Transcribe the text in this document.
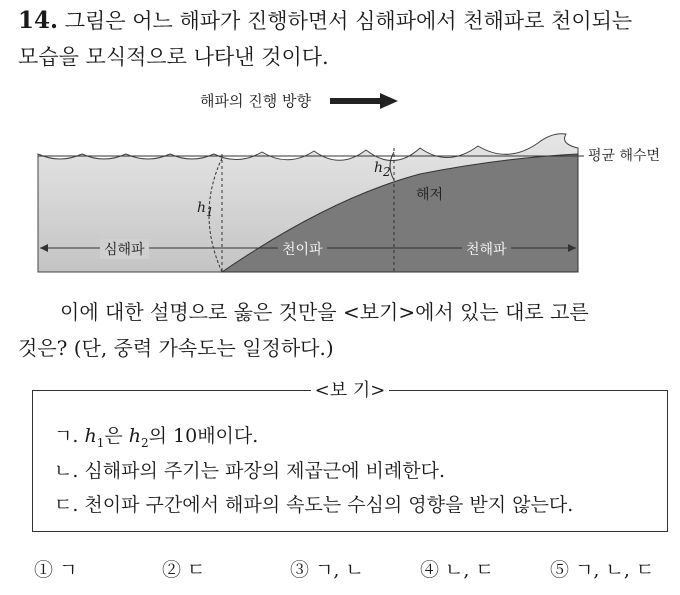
14. 그림은 어느 해파가 진행하면서 심해파에서 천해파로 천이되는
모습을 모식적으로 나타낸 것이다.
해파의 진행 방향
평균 해수면
해저
$h_1$
$h_2$
심해파	천이파	천해파
이에 대한 설명으로 옳은 것만을 <보기>에서 있는 대로 고른
것은? (단, 중력 가속도는 일정하다.)
<보 기>
ㄱ. $h_1$은 $h_2$의 10배이다.
ㄴ. 심해파의 주기는 파장의 제곱근에 비례한다.
ㄷ. 천이파 구간에서 해파의 속도는 수심의 영향을 받지 않는다.
① ㄱ	② ㄷ	③ ㄱ, ㄴ	④ ㄴ, ㄷ	⑤ ㄱ, ㄴ, ㄷ
